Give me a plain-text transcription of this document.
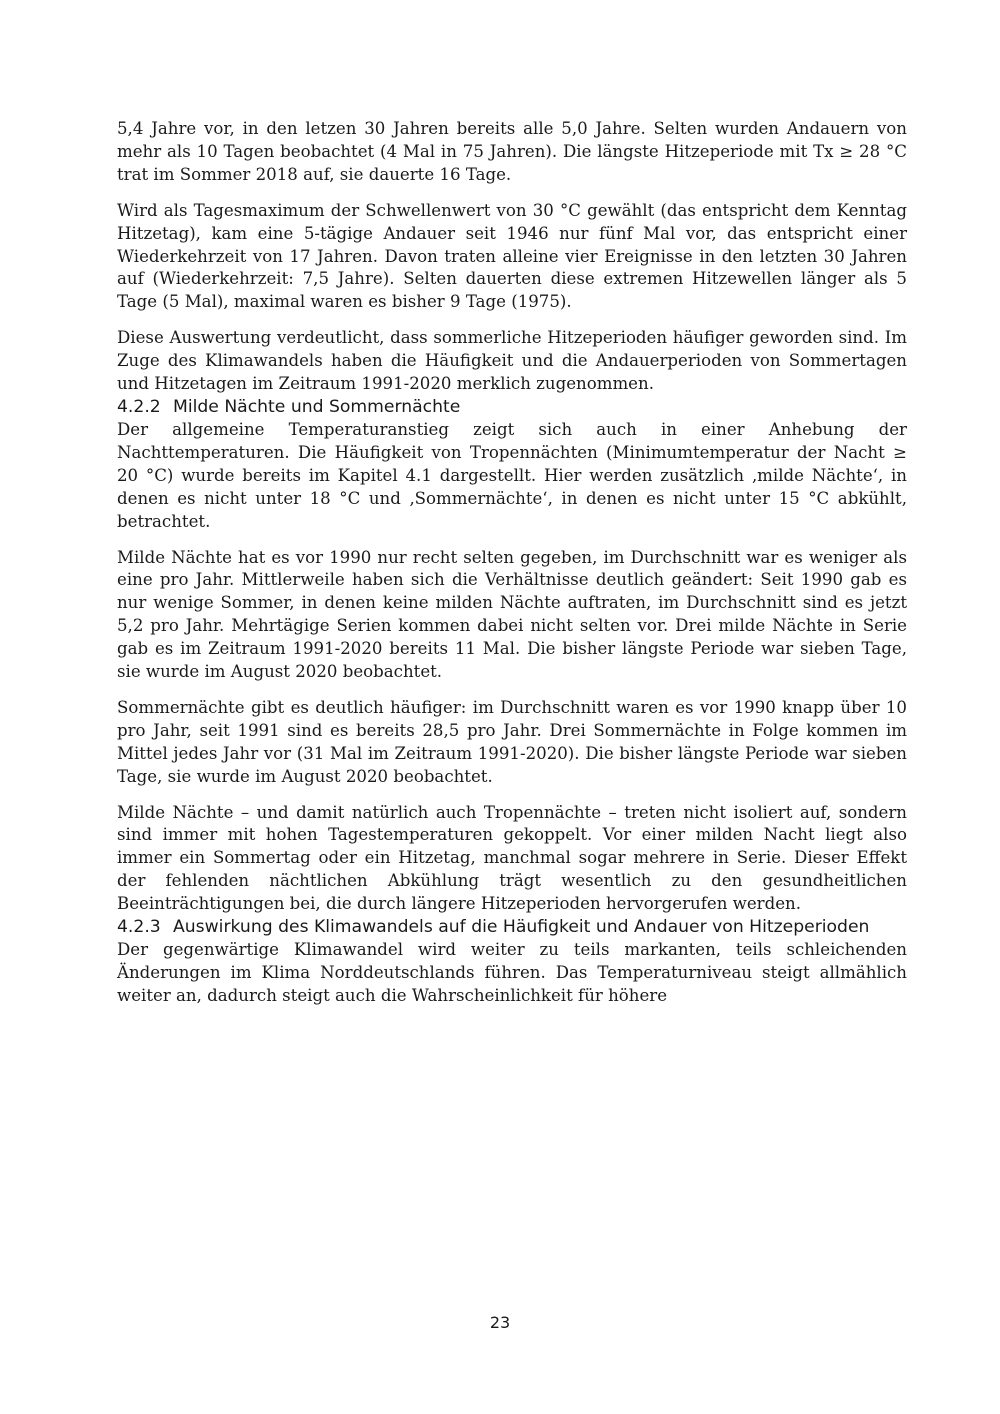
5,4 Jahre vor, in den letzen 30 Jahren bereits alle 5,0 Jahre. Selten wurden Andauern von mehr als 10 Tagen beobachtet (4 Mal in 75 Jahren). Die längste Hitzeperiode mit Tx ≥ 28 °C trat im Sommer 2018 auf, sie dauerte 16 Tage.

Wird als Tagesmaximum der Schwellenwert von 30 °C gewählt (das entspricht dem Kenntag Hitzetag), kam eine 5-tägige Andauer seit 1946 nur fünf Mal vor, das entspricht einer Wiederkehrzeit von 17 Jahren. Davon traten alleine vier Ereignisse in den letzten 30 Jahren auf (Wiederkehrzeit: 7,5 Jahre). Selten dauerten diese extremen Hitzewellen länger als 5 Tage (5 Mal), maximal waren es bisher 9 Tage (1975).

Diese Auswertung verdeutlicht, dass sommerliche Hitzeperioden häufiger geworden sind. Im Zuge des Klimawandels haben die Häufigkeit und die Andauerperioden von Sommertagen und Hitzetagen im Zeitraum 1991-2020 merklich zugenommen.

4.2.2 Milde Nächte und Sommernächte

Der allgemeine Temperaturanstieg zeigt sich auch in einer Anhebung der Nachttemperaturen. Die Häufigkeit von Tropennächten (Minimumtemperatur der Nacht ≥ 20 °C) wurde bereits im Kapitel 4.1 dargestellt. Hier werden zusätzlich ‚milde Nächte‘, in denen es nicht unter 18 °C und ‚Sommernächte‘, in denen es nicht unter 15 °C abkühlt, betrachtet.

Milde Nächte hat es vor 1990 nur recht selten gegeben, im Durchschnitt war es weniger als eine pro Jahr. Mittlerweile haben sich die Verhältnisse deutlich geändert: Seit 1990 gab es nur wenige Sommer, in denen keine milden Nächte auftraten, im Durchschnitt sind es jetzt 5,2 pro Jahr. Mehrtägige Serien kommen dabei nicht selten vor. Drei milde Nächte in Serie gab es im Zeitraum 1991-2020 bereits 11 Mal. Die bisher längste Periode war sieben Tage, sie wurde im August 2020 beobachtet.

Sommernächte gibt es deutlich häufiger: im Durchschnitt waren es vor 1990 knapp über 10 pro Jahr, seit 1991 sind es bereits 28,5 pro Jahr. Drei Sommernächte in Folge kommen im Mittel jedes Jahr vor (31 Mal im Zeitraum 1991-2020). Die bisher längste Periode war sieben Tage, sie wurde im August 2020 beobachtet.

Milde Nächte – und damit natürlich auch Tropennächte – treten nicht isoliert auf, sondern sind immer mit hohen Tagestemperaturen gekoppelt. Vor einer milden Nacht liegt also immer ein Sommertag oder ein Hitzetag, manchmal sogar mehrere in Serie. Dieser Effekt der fehlenden nächtlichen Abkühlung trägt wesentlich zu den gesundheitlichen Beeinträchtigungen bei, die durch längere Hitzeperioden hervorgerufen werden.

4.2.3 Auswirkung des Klimawandels auf die Häufigkeit und Andauer von Hitzeperioden

Der gegenwärtige Klimawandel wird weiter zu teils markanten, teils schleichenden Änderungen im Klima Norddeutschlands führen. Das Temperaturniveau steigt allmählich weiter an, dadurch steigt auch die Wahrscheinlichkeit für höhere

23
